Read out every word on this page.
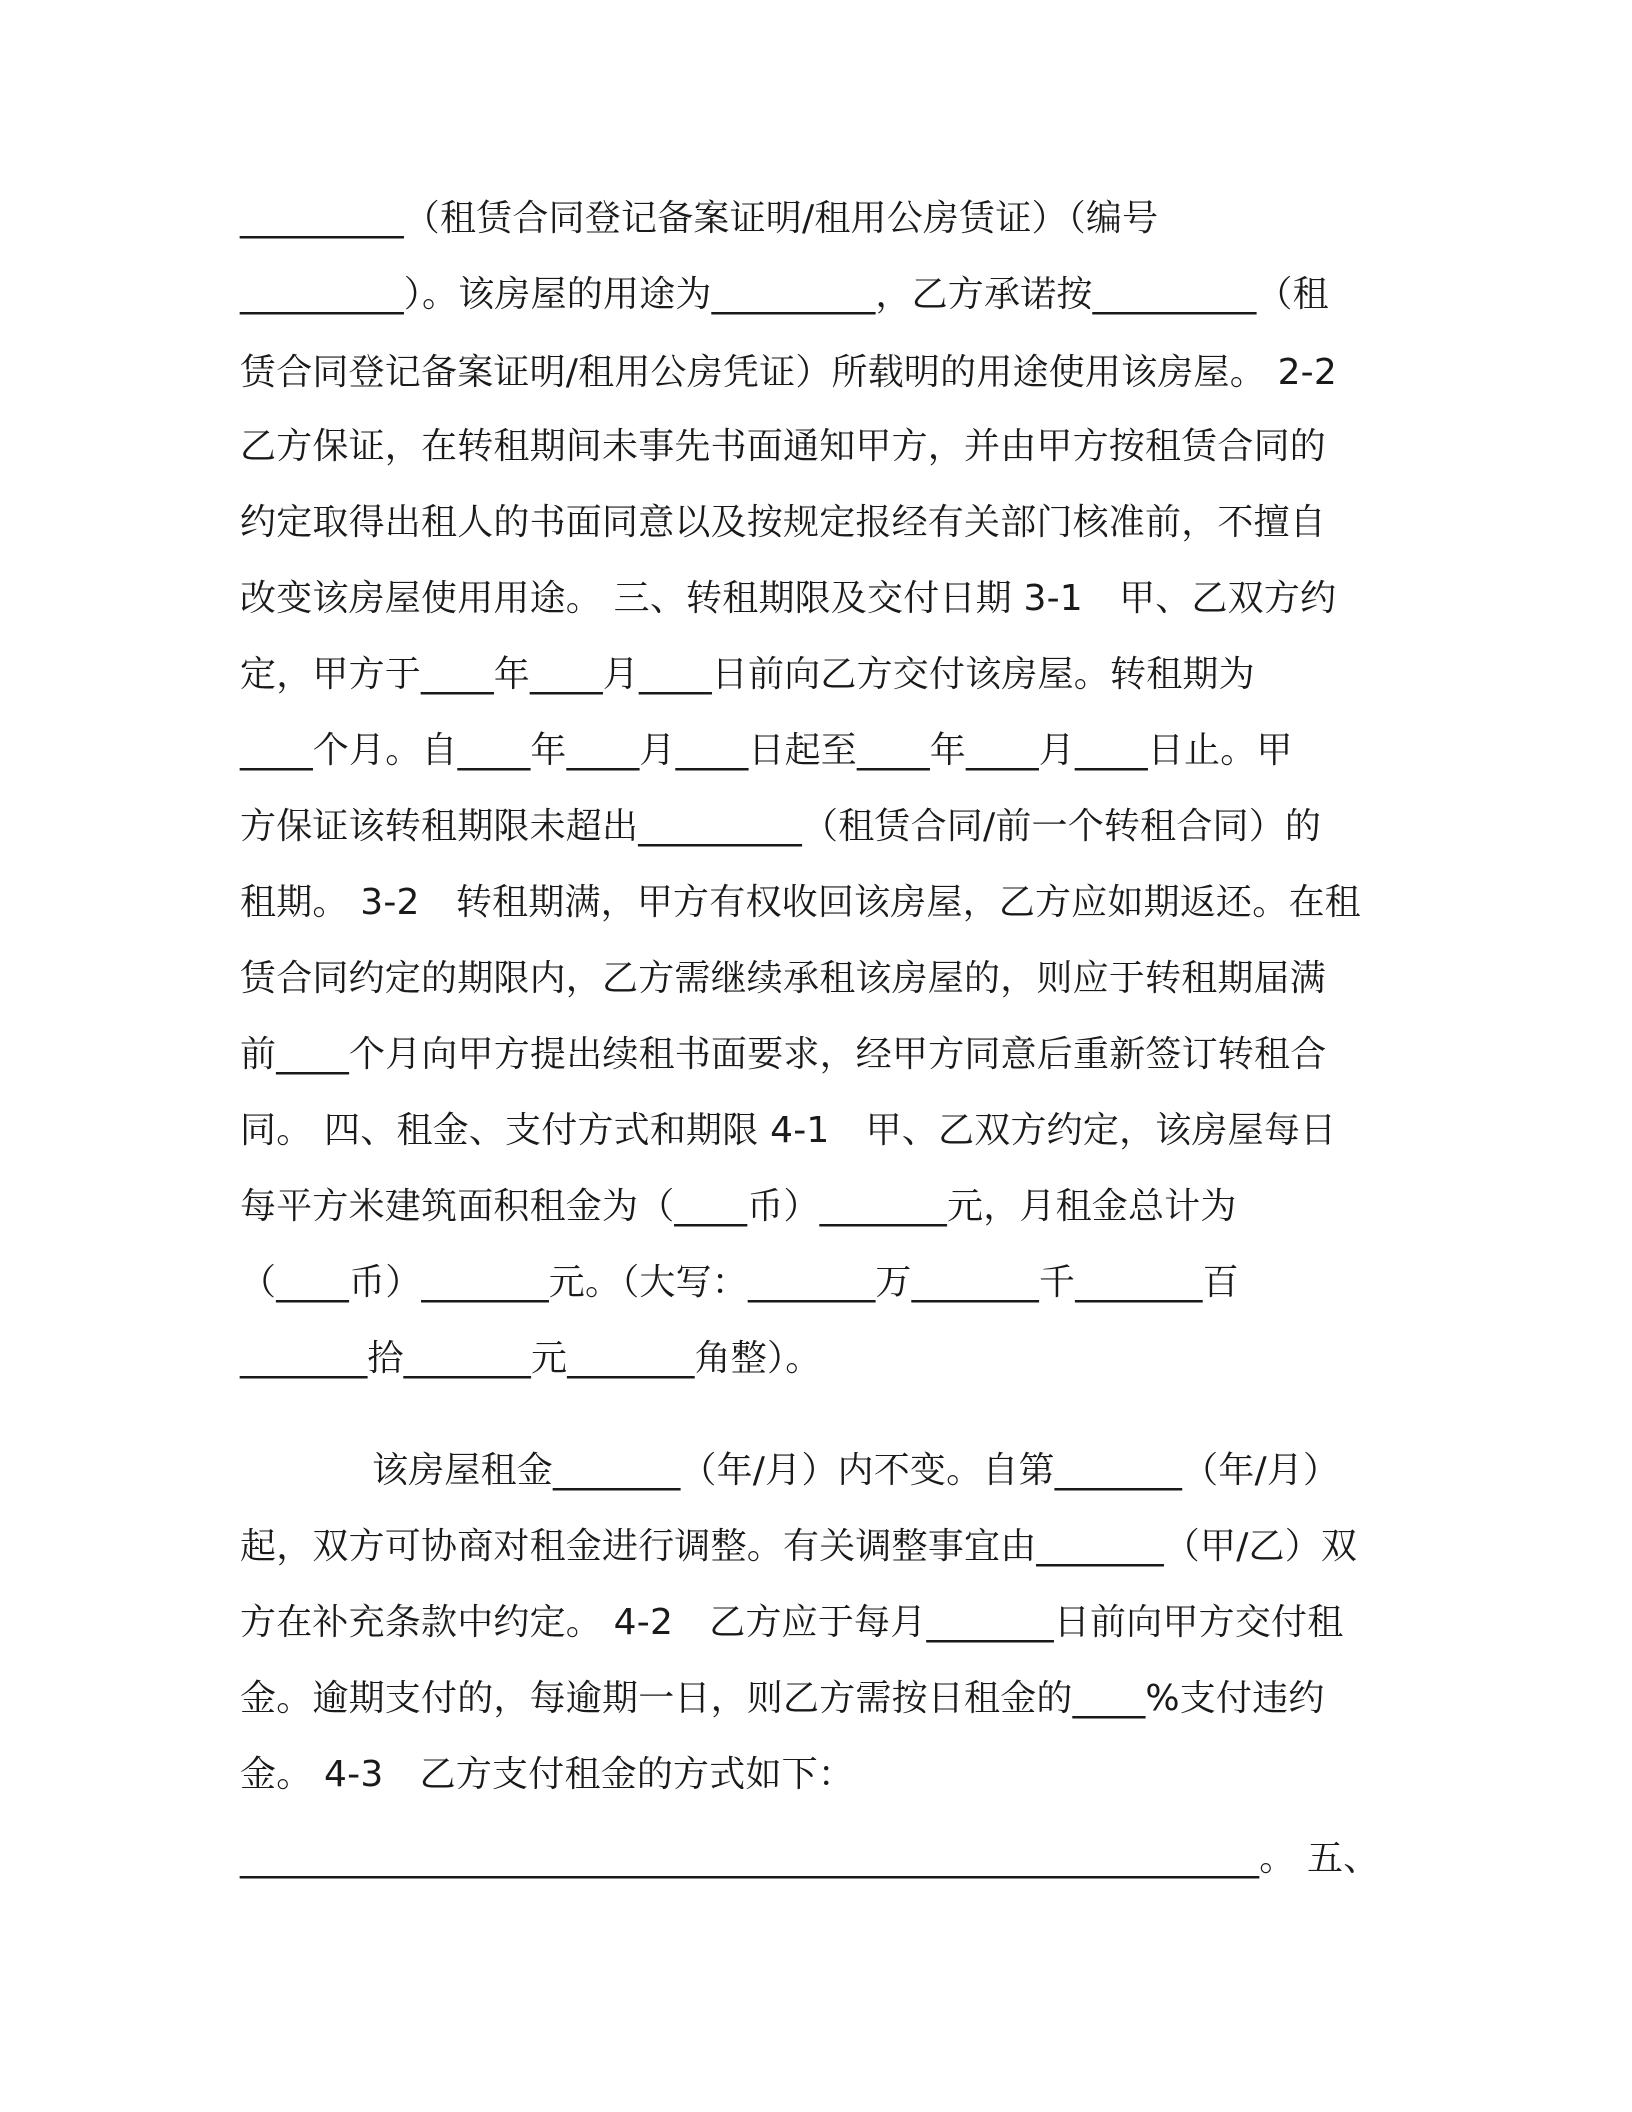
_________（租赁合同登记备案证明/租用公房赁证）（编号
_________）。该房屋的用途为_________，乙方承诺按_________（租
赁合同登记备案证明/租用公房凭证）所载明的用途使用该房屋。 2-2
乙方保证，在转租期间未事先书面通知甲方，并由甲方按租赁合同的
约定取得出租人的书面同意以及按规定报经有关部门核准前，不擅自
改变该房屋使用用途。 三、转租期限及交付日期 3-1　甲、乙双方约
定，甲方于____年____月____日前向乙方交付该房屋。转租期为
____个月。自____年____月____日起至____年____月____日止。甲
方保证该转租期限未超出_________（租赁合同/前一个转租合同）的
租期。 3-2　转租期满，甲方有权收回该房屋，乙方应如期返还。在租
赁合同约定的期限内，乙方需继续承租该房屋的，则应于转租期届满
前____个月向甲方提出续租书面要求，经甲方同意后重新签订转租合
同。 四、租金、支付方式和期限 4-1　甲、乙双方约定，该房屋每日
每平方米建筑面积租金为（____币）_______元，月租金总计为
（____币）_______元。（大写：_______万_______千_______百
_______拾_______元_______角整）。
该房屋租金_______（年/月）内不变。自第_______（年/月）
起，双方可协商对租金进行调整。有关调整事宜由_______（甲/乙）双
方在补充条款中约定。 4-2　乙方应于每月_______日前向甲方交付租
金。逾期支付的，每逾期一日，则乙方需按日租金的____%支付违约
金。 4-3　乙方支付租金的方式如下：
________________________________________________________。 五、
